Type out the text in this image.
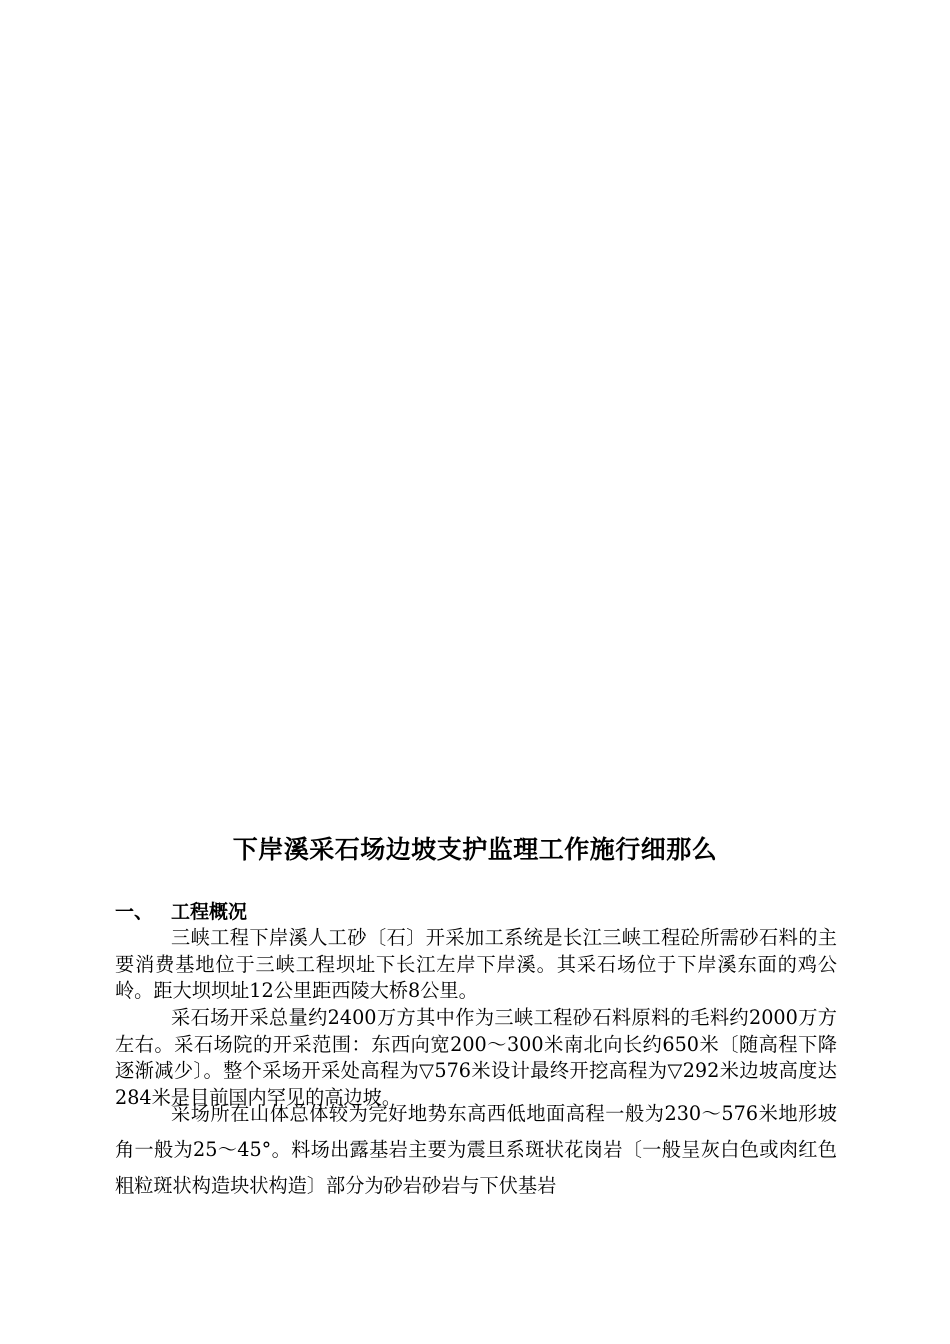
下岸溪采石场边坡支护监理工作施行细那么
一、 工程概况

三峡工程下岸溪人工砂〔石〕开采加工系统是长江三峡工程砼所需砂石料的主要消费基地位于三峡工程坝址下长江左岸下岸溪。其采石场位于下岸溪东面的鸡公岭。距大坝坝址12公里距西陵大桥8公里。

采石场开采总量约2400万方其中作为三峡工程砂石料原料的毛料约2000万方左右。采石场院的开采范围：东西向宽200～300米南北向长约650米〔随高程下降逐渐减少〕。整个采场开采处高程为▽576米设计最终开挖高程为▽292米边坡高度达284米是目前国内罕见的高边坡。

采场所在山体总体较为完好地势东高西低地面高程一般为230～576米地形坡角一般为25～45°。料场出露基岩主要为震旦系斑状花岗岩〔一般呈灰白色或肉红色粗粒斑状构造块状构造〕部分为砂岩砂岩与下伏基岩
